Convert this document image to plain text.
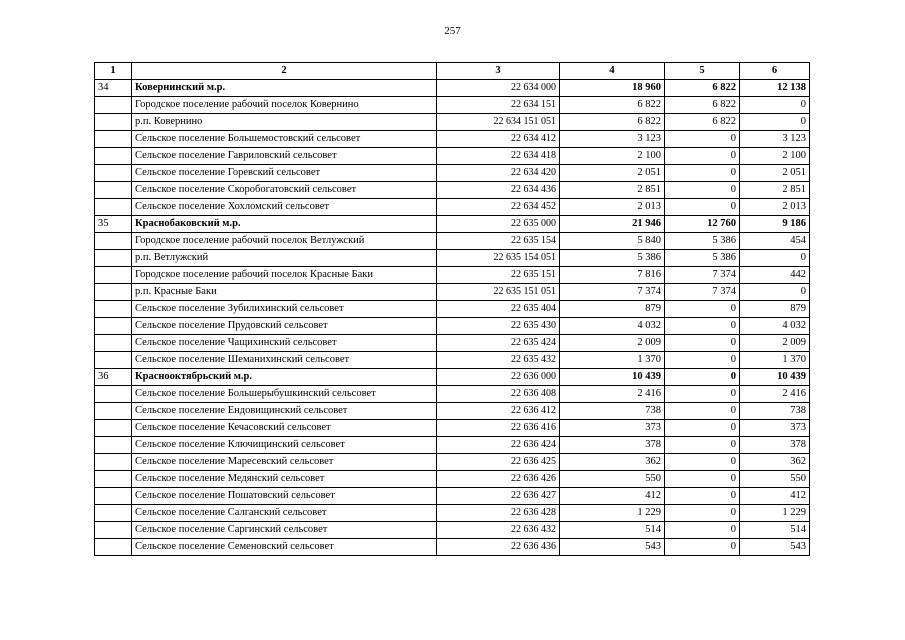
257
1	2	3	4	5	6
34	Ковернинский м.р.	22 634 000	18 960	6 822	12 138
	Городское поселение рабочий поселок Ковернино	22 634 151	6 822	6 822	0
	р.п. Ковернино	22 634 151 051	6 822	6 822	0
	Сельское поселение Большемостовский сельсовет	22 634 412	3 123	0	3 123
	Сельское поселение Гавриловский сельсовет	22 634 418	2 100	0	2 100
	Сельское поселение Горевский сельсовет	22 634 420	2 051	0	2 051
	Сельское поселение Скоробогатовский сельсовет	22 634 436	2 851	0	2 851
	Сельское поселение Хохломский сельсовет	22 634 452	2 013	0	2 013
35	Краснобаковский м.р.	22 635 000	21 946	12 760	9 186
	Городское поселение рабочий поселок Ветлужский	22 635 154	5 840	5 386	454
	р.п. Ветлужский	22 635 154 051	5 386	5 386	0
	Городское поселение рабочий поселок Красные Баки	22 635 151	7 816	7 374	442
	р.п. Красные Баки	22 635 151 051	7 374	7 374	0
	Сельское поселение Зубилихинский сельсовет	22 635 404	879	0	879
	Сельское поселение Прудовский сельсовет	22 635 430	4 032	0	4 032
	Сельское поселение Чащихинский сельсовет	22 635 424	2 009	0	2 009
	Сельское поселение Шеманихинский сельсовет	22 635 432	1 370	0	1 370
36	Краснооктябрьский м.р.	22 636 000	10 439	0	10 439
	Сельское поселение Большерыбушкинский сельсовет	22 636 408	2 416	0	2 416
	Сельское поселение Ендовищинский сельсовет	22 636 412	738	0	738
	Сельское поселение Кечасовский сельсовет	22 636 416	373	0	373
	Сельское поселение Ключищинский сельсовет	22 636 424	378	0	378
	Сельское поселение Маресевский сельсовет	22 636 425	362	0	362
	Сельское поселение Медянский сельсовет	22 636 426	550	0	550
	Сельское поселение Пошатовский сельсовет	22 636 427	412	0	412
	Сельское поселение Салганский сельсовет	22 636 428	1 229	0	1 229
	Сельское поселение Саргинский сельсовет	22 636 432	514	0	514
	Сельское поселение Семеновский сельсовет	22 636 436	543	0	543
